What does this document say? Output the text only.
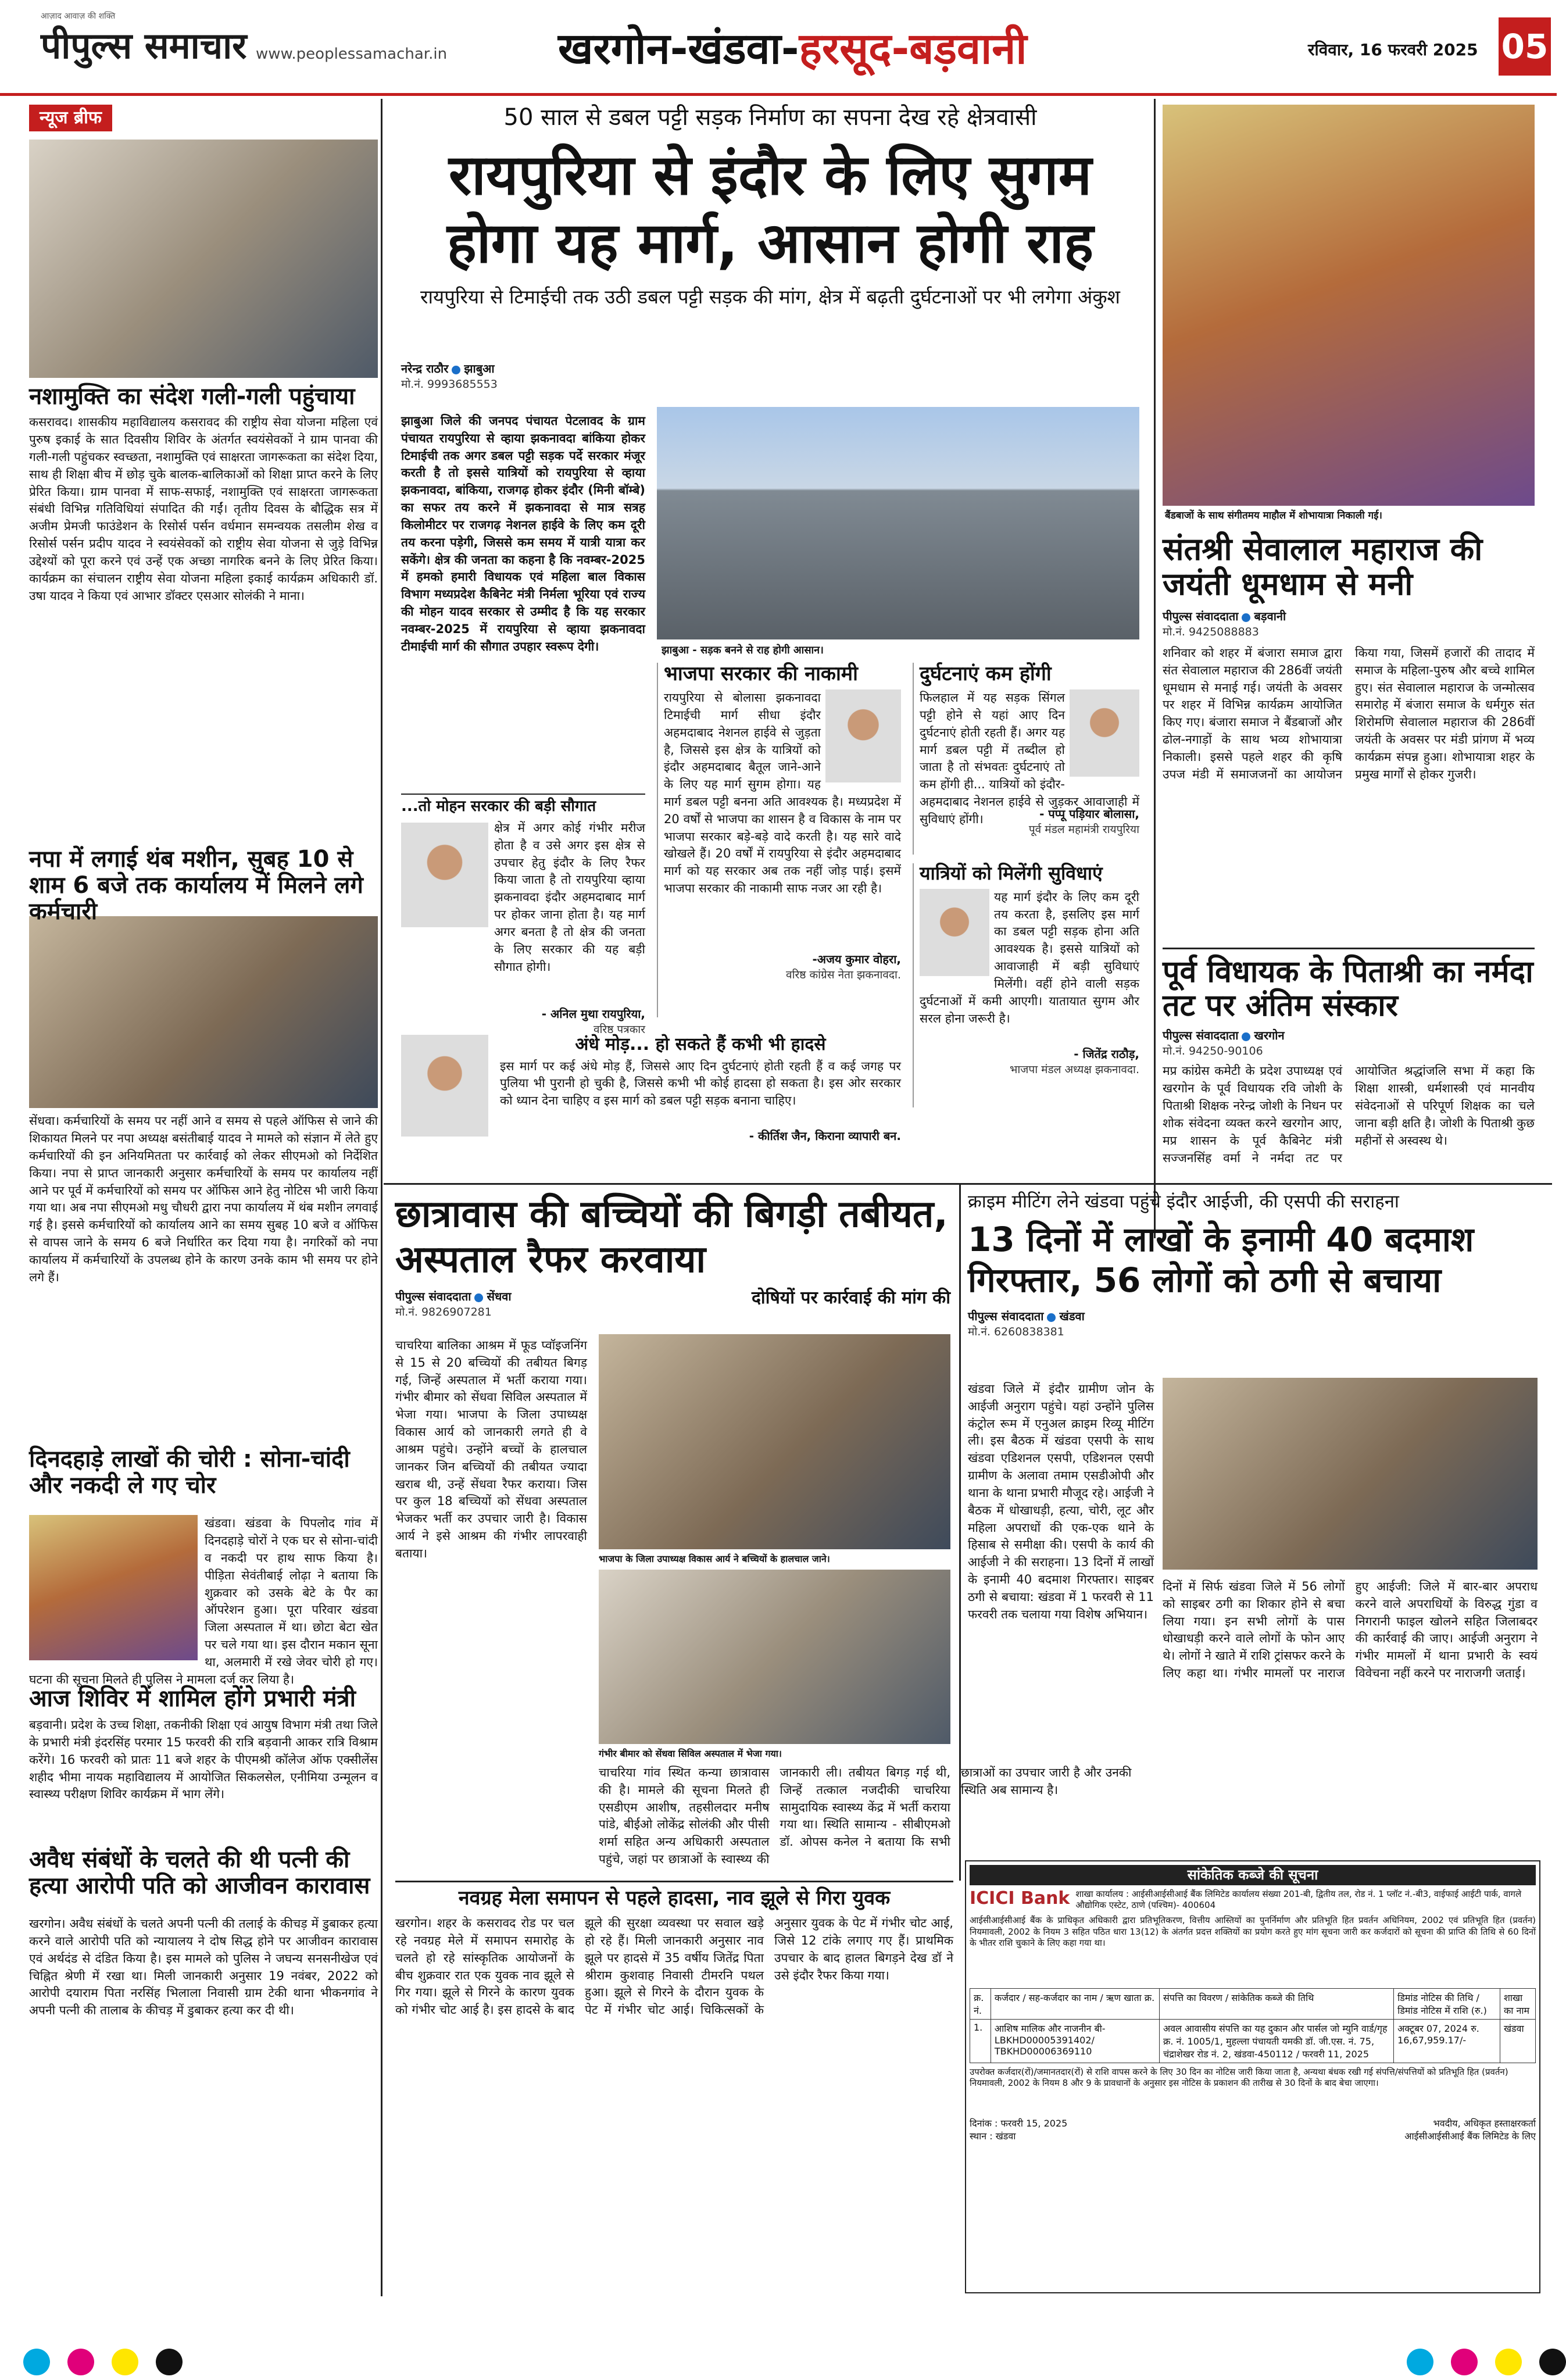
आज़ाद आवाज़ की शक्ति
पीपुल्स समाचार www.peoplessamachar.in	खरगोन-खंडवा-हरसूद-बड़वानी	रविवार, 16 फरवरी 2025 05
न्यूज ब्रीफ
नशामुक्ति का संदेश गली-गली पहुंचाया
कसरावद। शासकीय महाविद्यालय कसरावद की राष्ट्रीय सेवा योजना महिला एवं पुरुष इकाई के सात दिवसीय शिविर के अंतर्गत स्वयंसेवकों ने ग्राम पानवा की गली-गली पहुंचकर स्वच्छता, नशामुक्ति एवं साक्षरता जागरूकता का संदेश दिया, साथ ही शिक्षा बीच में छोड़ चुके बालक-बालिकाओं को शिक्षा प्राप्त करने के लिए प्रेरित किया। ग्राम पानवा में साफ-सफाई, नशामुक्ति एवं साक्षरता जागरूकता संबंधी विभिन्न गतिविधियां संपादित की गईं। तृतीय दिवस के बौद्धिक सत्र में अजीम प्रेमजी फाउंडेशन के रिसोर्स पर्सन वर्धमान समन्वयक तसलीम शेख व रिसोर्स पर्सन प्रदीप यादव ने स्वयंसेवकों को राष्ट्रीय सेवा योजना से जुड़े विभिन्न उद्देश्यों को पूरा करने एवं उन्हें एक अच्छा नागरिक बनने के लिए प्रेरित किया। कार्यक्रम का संचालन राष्ट्रीय सेवा योजना महिला इकाई कार्यक्रम अधिकारी डॉ. उषा यादव ने किया एवं आभार डॉक्टर एसआर सोलंकी ने माना।
नपा में लगाई थंब मशीन, सुबह 10 से शाम 6 बजे तक कार्यालय में मिलने लगे कर्मचारी
सेंधवा। कर्मचारियों के समय पर नहीं आने व समय से पहले ऑफिस से जाने की शिकायत मिलने पर नपा अध्यक्ष बसंतीबाई यादव ने मामले को संज्ञान में लेते हुए कर्मचारियों की इन अनियमितता पर कार्रवाई को लेकर सीएमओ को निर्देशित किया। नपा से प्राप्त जानकारी अनुसार कर्मचारियों के समय पर कार्यालय नहीं आने पर पूर्व में कर्मचारियों को समय पर ऑफिस आने हेतु नोटिस भी जारी किया गया था। अब नपा सीएमओ मधु चौधरी द्वारा नपा कार्यालय में थंब मशीन लगवाई गई है। इससे कर्मचारियों को कार्यालय आने का समय सुबह 10 बजे व ऑफिस से वापस जाने के समय 6 बजे निर्धारित कर दिया गया है। नगरिकों को नपा कार्यालय में कर्मचारियों के उपलब्ध होने के कारण उनके काम भी समय पर होने लगे हैं।
दिनदहाड़े लाखों की चोरी : सोना-चांदी और नकदी ले गए चोर
खंडवा। खंडवा के पिपलोद गांव में दिनदहाड़े चोरों ने एक घर से सोना-चांदी व नकदी पर हाथ साफ किया है। पीड़िता सेवंतीबाई लोढ़ा ने बताया कि शुक्रवार को उसके बेटे के पैर का ऑपरेशन हुआ। पूरा परिवार खंडवा जिला अस्पताल में था। छोटा बेटा खेत पर चले गया था। इस दौरान मकान सूना था, अलमारी में रखे जेवर चोरी हो गए। घटना की सूचना मिलते ही पुलिस ने मामला दर्ज कर लिया है।
आज शिविर में शामिल होंगे प्रभारी मंत्री
बड़वानी। प्रदेश के उच्च शिक्षा, तकनीकी शिक्षा एवं आयुष विभाग मंत्री तथा जिले के प्रभारी मंत्री इंदरसिंह परमार 15 फरवरी की रात्रि बड़वानी आकर रात्रि विश्राम करेंगे। 16 फरवरी को प्रातः 11 बजे शहर के पीएमश्री कॉलेज ऑफ एक्सीलेंस शहीद भीमा नायक महाविद्यालय में आयोजित सिकलसेल, एनीमिया उन्मूलन व स्वास्थ्य परीक्षण शिविर कार्यक्रम में भाग लेंगे।
अवैध संबंधों के चलते की थी पत्नी की हत्या आरोपी पति को आजीवन कारावास
खरगोन। अवैध संबंधों के चलते अपनी पत्नी की तलाई के कीचड़ में डुबाकर हत्या करने वाले आरोपी पति को न्यायालय ने दोष सिद्ध होने पर आजीवन कारावास एवं अर्थदंड से दंडित किया है। इस मामले को पुलिस ने जघन्य सनसनीखेज एवं चिह्नित श्रेणी में रखा था। मिली जानकारी अनुसार 19 नवंबर, 2022 को आरोपी दयाराम पिता नरसिंह भिलाला निवासी ग्राम टेकी थाना भीकनगांव ने अपनी पत्नी की तालाब के कीचड़ में डुबाकर हत्या कर दी थी।
50 साल से डबल पट्टी सड़क निर्माण का सपना देख रहे क्षेत्रवासी
रायपुरिया से इंदौर के लिए सुगम होगा यह मार्ग, आसान होगी राह
रायपुरिया से टिमाईची तक उठी डबल पट्टी सड़क की मांग, क्षेत्र में बढ़ती दुर्घटनाओं पर भी लगेगा अंकुश
नरेन्द्र राठौर झाबुआ
मो.नं. 9993685553
झाबुआ जिले की जनपद पंचायत पेटलावद के ग्राम पंचायत रायपुरिया से व्हाया झकनावदा बांकिया होकर टिमाईची तक अगर डबल पट्टी सड़क पर्दे सरकार मंजूर करती है तो इससे यात्रियों को रायपुरिया से व्हाया झकनावदा, बांकिया, राजगढ़ होकर इंदौर (मिनी बॉम्बे) का सफर तय करने में झकनावदा से मात्र सत्रह किलोमीटर पर राजगढ़ नेशनल हाईवे के लिए कम दूरी तय करना पड़ेगी, जिससे कम समय में यात्री यात्रा कर सकेंगे। क्षेत्र की जनता का कहना है कि नवम्बर-2025 में हमको हमारी विधायक एवं महिला बाल विकास विभाग मध्यप्रदेश कैबिनेट मंत्री निर्मला भूरिया एवं राज्य की मोहन यादव सरकार से उम्मीद है कि यह सरकार नवम्बर-2025 में रायपुरिया से व्हाया झकनावदा टीमाईची मार्ग की सौगात उपहार स्वरूप देगी।	झाबुआ - सड़क बनने से राह होगी आसान।
...तो मोहन सरकार की बड़ी सौगात
क्षेत्र में अगर कोई गंभीर मरीज होता है व उसे अगर इस क्षेत्र से उपचार हेतु इंदौर के लिए रैफर किया जाता है तो रायपुरिया व्हाया झकनावदा इंदौर अहमदाबाद मार्ग पर होकर जाना होता है। यह मार्ग अगर बनता है तो क्षेत्र की जनता के लिए सरकार की यह बड़ी सौगात होगी।
- अनिल मुथा रायपुरिया,
वरिष्ठ पत्रकार
भाजपा सरकार की नाकामी
रायपुरिया से बोलासा झकनावदा टिमाईची मार्ग सीधा इंदौर अहमदाबाद नेशनल हाईवे से जुड़ता है, जिससे इस क्षेत्र के यात्रियों को इंदौर अहमदाबाद बैतूल जाने-आने के लिए यह मार्ग सुगम होगा। यह मार्ग डबल पट्टी बनना अति आवश्यक है। मध्यप्रदेश में 20 वर्षों से भाजपा का शासन है व विकास के नाम पर भाजपा सरकार बड़े-बड़े वादे करती है। यह सारे वादे खोखले हैं। 20 वर्षों में रायपुरिया से इंदौर अहमदाबाद मार्ग को यह सरकार अब तक नहीं जोड़ पाई। इसमें भाजपा सरकार की नाकामी साफ नजर आ रही है।
-अजय कुमार वोहरा,
वरिष्ठ कांग्रेस नेता झकनावदा.
दुर्घटनाएं कम होंगी
फिलहाल में यह सड़क सिंगल पट्टी होने से यहां आए दिन दुर्घटनाएं होती रहती हैं। अगर यह मार्ग डबल पट्टी में तब्दील हो जाता है तो संभवतः दुर्घटनाएं तो कम होंगी ही... यात्रियों को इंदौर-अहमदाबाद नेशनल हाईवे से जुड़कर आवाजाही में सुविधाएं होंगी।	- पप्पू पड़ियार बोलासा,
पूर्व मंडल महामंत्री रायपुरिया
यात्रियों को मिलेंगी सुविधाएं
यह मार्ग इंदौर के लिए कम दूरी तय करता है, इसलिए इस मार्ग का डबल पट्टी सड़क होना अति आवश्यक है। इससे यात्रियों को आवाजाही में बड़ी सुविधाएं मिलेंगी। वहीं होने वाली सड़क दुर्घटनाओं में कमी आएगी। यातायात सुगम और सरल होना जरूरी है।
- जितेंद्र राठौड़,
भाजपा मंडल अध्यक्ष झकनावदा.
अंधे मोड़... हो सकते हैं कभी भी हादसे
इस मार्ग पर कई अंधे मोड़ हैं, जिससे आए दिन दुर्घटनाएं होती रहती हैं व कई जगह पर पुलिया भी पुरानी हो चुकी है, जिससे कभी भी कोई हादसा हो सकता है। इस ओर सरकार को ध्यान देना चाहिए व इस मार्ग को डबल पट्टी सड़क बनाना चाहिए।
- कीर्तिश जैन, किराना व्यापारी बन.
बैंडबाजों के साथ संगीतमय माहौल में शोभायात्रा निकाली गई।
संतश्री सेवालाल महाराज की जयंती धूमधाम से मनी
पीपुल्स संवाददाता बड़वानी
मो.नं. 9425088883
शनिवार को शहर में बंजारा समाज द्वारा संत सेवालाल महाराज की 286वीं जयंती धूमधाम से मनाई गई। जयंती के अवसर पर शहर में विभिन्न कार्यक्रम आयोजित किए गए। बंजारा समाज ने बैंडबाजों और ढोल-नगाड़ों के साथ भव्य शोभायात्रा निकाली। इससे पहले शहर की कृषि उपज मंडी में समाजजनों का आयोजन किया गया, जिसमें हजारों की तादाद में समाज के महिला-पुरुष और बच्चे शामिल हुए। संत सेवालाल महाराज के जन्मोत्सव समारोह में बंजारा समाज के धर्मगुरु संत शिरोमणि सेवालाल महाराज की 286वीं जयंती के अवसर पर मंडी प्रांगण में भव्य कार्यक्रम संपन्न हुआ। शोभायात्रा शहर के प्रमुख मार्गों से होकर गुजरी।
पूर्व विधायक के पिताश्री का नर्मदा तट पर अंतिम संस्कार
पीपुल्स संवाददाता खरगोन
मो.नं. 94250-90106
मप्र कांग्रेस कमेटी के प्रदेश उपाध्यक्ष एवं खरगोन के पूर्व विधायक रवि जोशी के पिताश्री शिक्षक नरेन्द्र जोशी के निधन पर शोक संवेदना व्यक्त करने खरगोन आए, मप्र शासन के पूर्व कैबिनेट मंत्री सज्जनसिंह वर्मा ने नर्मदा तट पर आयोजित श्रद्धांजलि सभा में कहा कि शिक्षा शास्त्री, धर्मशास्त्री एवं मानवीय संवेदनाओं से परिपूर्ण शिक्षक का चले जाना बड़ी क्षति है। जोशी के पिताश्री कुछ महीनों से अस्वस्थ थे।
छात्रावास की बच्चियों की बिगड़ी तबीयत, अस्पताल रैफर करवाया
पीपुल्स संवाददाता सेंधवा
मो.नं. 9826907281
दोषियों पर कार्रवाई की मांग की
चाचरिया बालिका आश्रम में फूड प्वॉइजनिंग से 15 से 20 बच्चियों की तबीयत बिगड़ गई, जिन्हें अस्पताल में भर्ती कराया गया। गंभीर बीमार को सेंधवा सिविल अस्पताल में भेजा गया। भाजपा के जिला उपाध्यक्ष विकास आर्य को जानकारी लगते ही वे आश्रम पहुंचे। उन्होंने बच्चों के हालचाल जानकर जिन बच्चियों की तबीयत ज्यादा खराब थी, उन्हें सेंधवा रैफर कराया। जिस पर कुल 18 बच्चियों को सेंधवा अस्पताल भेजकर भर्ती कर उपचार जारी है। विकास आर्य ने इसे आश्रम की गंभीर लापरवाही बताया।	भाजपा के जिला उपाध्यक्ष विकास आर्य ने बच्चियों के हालचाल जाने।
गंभीर बीमार को सेंधवा सिविल अस्पताल में भेजा गया।
चाचरिया गांव स्थित कन्या छात्रावास की है। मामले की सूचना मिलते ही एसडीएम आशीष, तहसीलदार मनीष पांडे, बीईओ लोकेंद्र सोलंकी और पीसी शर्मा सहित अन्य अधिकारी अस्पताल पहुंचे, जहां पर छात्राओं के स्वास्थ्य की जानकारी ली। तबीयत बिगड़ गई थी, जिन्हें तत्काल नजदीकी चाचरिया सामुदायिक स्वास्थ्य केंद्र में भर्ती कराया गया था। स्थिति सामान्य - सीबीएमओ डॉ. ओपस कनेल ने बताया कि सभी छात्राओं का उपचार जारी है और उनकी स्थिति अब सामान्य है।
क्राइम मीटिंग लेने खंडवा पहुंचे इंदौर आईजी, की एसपी की सराहना
13 दिनों में लाखों के इनामी 40 बदमाश गिरफ्तार, 56 लोगों को ठगी से बचाया
पीपुल्स संवाददाता खंडवा
मो.नं. 6260838381
खंडवा जिले में इंदौर ग्रामीण जोन के आईजी अनुराग पहुंचे। यहां उन्होंने पुलिस कंट्रोल रूम में एनुअल क्राइम रिव्यू मीटिंग ली। इस बैठक में खंडवा एसपी के साथ खंडवा एडिशनल एसपी, एडिशनल एसपी ग्रामीण के अलावा तमाम एसडीओपी और थाना के थाना प्रभारी मौजूद रहे। आईजी ने बैठक में धोखाधड़ी, हत्या, चोरी, लूट और महिला अपराधों की एक-एक थाने के हिसाब से समीक्षा की। एसपी के कार्य की आईजी ने की सराहना। 13 दिनों में लाखों के इनामी 40 बदमाश गिरफ्तार। साइबर ठगी से बचाया: खंडवा में 1 फरवरी से 11 फरवरी तक चलाया गया विशेष अभियान।
दिनों में सिर्फ खंडवा जिले में 56 लोगों को साइबर ठगी का शिकार होने से बचा लिया गया। इन सभी लोगों के पास धोखाधड़ी करने वाले लोगों के फोन आए थे। लोगों ने खाते में राशि ट्रांसफर करने के लिए कहा था। गंभीर मामलों पर नाराज हुए आईजी: जिले में बार-बार अपराध करने वाले अपराधियों के विरुद्ध गुंडा व निगरानी फाइल खोलने सहित जिलाबदर की कार्रवाई की जाए। आईजी अनुराग ने गंभीर मामलों में थाना प्रभारी के स्वयं विवेचना नहीं करने पर नाराजगी जताई।
नवग्रह मेला समापन से पहले हादसा, नाव झूले से गिरा युवक
खरगोन। शहर के कसरावद रोड पर चल रहे नवग्रह मेले में समापन समारोह के चलते हो रहे सांस्कृतिक आयोजनों के बीच शुक्रवार रात एक युवक नाव झूले से गिर गया। झूले से गिरने के कारण युवक को गंभीर चोट आई है। इस हादसे के बाद झूले की सुरक्षा व्यवस्था पर सवाल खड़े हो रहे हैं। मिली जानकारी अनुसार नाव झूले पर हादसे में 35 वर्षीय जितेंद्र पिता श्रीराम कुशवाह निवासी टीमरनि पथल हुआ। झूले से गिरने के दौरान युवक के पेट में गंभीर चोट आई। चिकित्सकों के अनुसार युवक के पेट में गंभीर चोट आई, जिसे 12 टांके लगाए गए हैं। प्राथमिक उपचार के बाद हालत बिगड़ने देख डॉ ने उसे इंदौर रैफर किया गया।
सांकेतिक कब्जे की सूचना
ICICI Bank शाखा कार्यालय : आईसीआईसीआई बैंक लिमिटेड कार्यालय संख्या 201-बी, द्वितीय तल, रोड नं. 1 प्लॉट नं.-बी3, वाईफाई आईटी पार्क, वागले औद्योगिक एस्टेट, ठाणे (पश्चिम)- 400604
आईसीआईसीआई बैंक के प्राधिकृत अधिकारी द्वारा प्रतिभूतिकरण, वित्तीय आस्तियों का पुनर्निर्माण और प्रतिभूति हित प्रवर्तन अधिनियम, 2002 एवं प्रतिभूति हित (प्रवर्तन) नियमावली, 2002 के नियम 3 सहित पठित धारा 13(12) के अंतर्गत प्रदत्त शक्तियों का प्रयोग करते हुए मांग सूचना जारी कर कर्जदारों को सूचना की प्राप्ति की तिथि से 60 दिनों के भीतर राशि चुकाने के लिए कहा गया था।
क्र. नं.	कर्जदार / सह-कर्जदार का नाम / ऋण खाता क्र.	संपत्ति का विवरण / सांकेतिक कब्जे की तिथि	डिमांड नोटिस की तिथि / डिमांड नोटिस में राशि (रु.)	शाखा का नाम
1.	आशिष मालिक और नाजनीन बी- LBKHD00005391402/ TBKHD00006369110	अवल आवासीय संपत्ति का यह दुकान और पार्सल जो म्युनि वार्ड/गृह क्र. नं. 1005/1, मुहल्ला पंचायती यमकी डॉ. जी.एस. नं. 75, चंद्राशेखर रोड नं. 2, खंडवा-450112 / फरवरी 11, 2025	अक्टूबर 07, 2024 रु. 16,67,959.17/-	खंडवा
उपरोक्त कर्जदार(रों)/जमानतदार(रों) से राशि वापस करने के लिए 30 दिन का नोटिस जारी किया जाता है, अन्यथा बंधक रखी गई संपत्ति/संपत्तियों को प्रतिभूति हित (प्रवर्तन) नियमावली, 2002 के नियम 8 और 9 के प्रावधानों के अनुसार इस नोटिस के प्रकाशन की तारीख से 30 दिनों के बाद बेचा जाएगा।
दिनांक : फरवरी 15, 2025
स्थान : खंडवा
भवदीय, अधिकृत हस्ताक्षरकर्ता
आईसीआईसीआई बैंक लिमिटेड के लिए
